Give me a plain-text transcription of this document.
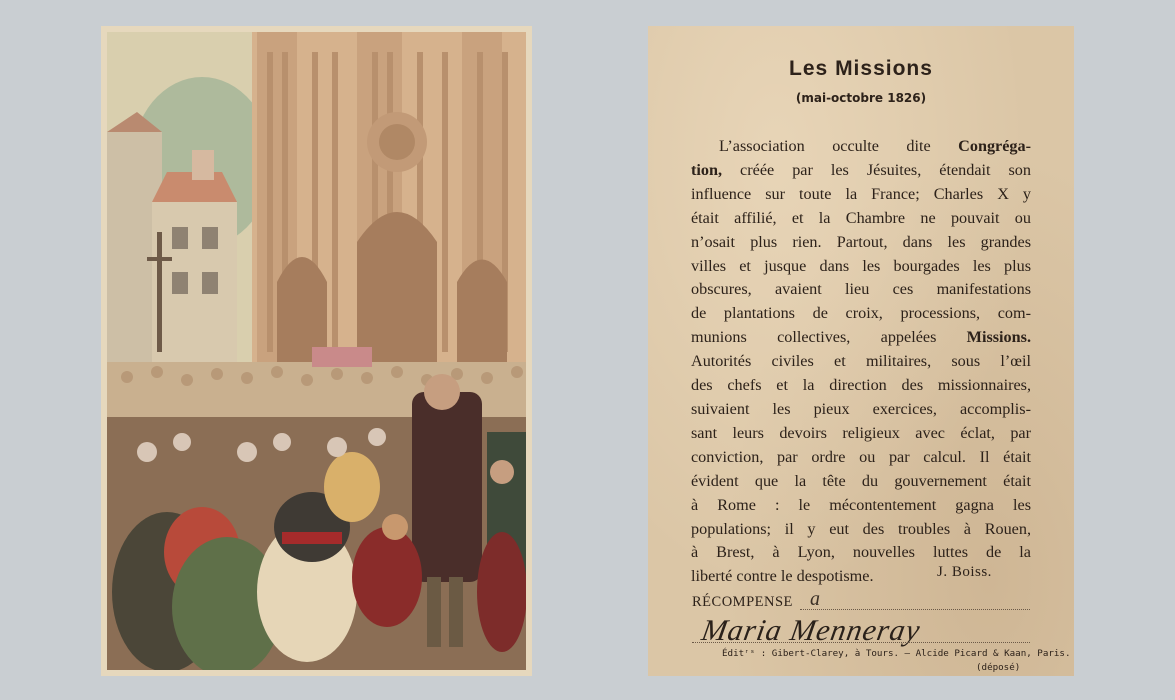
Les Missions
(mai-octobre 1826)
L’association occulte dite Congréga-
tion, créée par les Jésuites, étendait son
influence sur toute la France; Charles X y
était affilié, et la Chambre ne pouvait ou
n’osait plus rien. Partout, dans les grandes
villes et jusque dans les bourgades les plus
obscures, avaient lieu ces manifestations
de plantations de croix, processions, com-
munions collectives, appelées Missions.
Autorités civiles et militaires, sous l’œil
des chefs et la direction des missionnaires,
suivaient les pieux exercices, accomplis-
sant leurs devoirs religieux avec éclat, par
conviction, par ordre ou par calcul. Il était
évident que la tête du gouvernement était
à Rome : le mécontentement gagna les
populations; il y eut des troubles à Rouen,
à Brest, à Lyon, nouvelles luttes de la
liberté contre le despotisme.	J. Boiss.
RÉCOMPENSE a
Maria Menneray
Éditʳˢ : Gibert-Clarey, à Tours. — Alcide Picard & Kaan, Paris.
(déposé)
